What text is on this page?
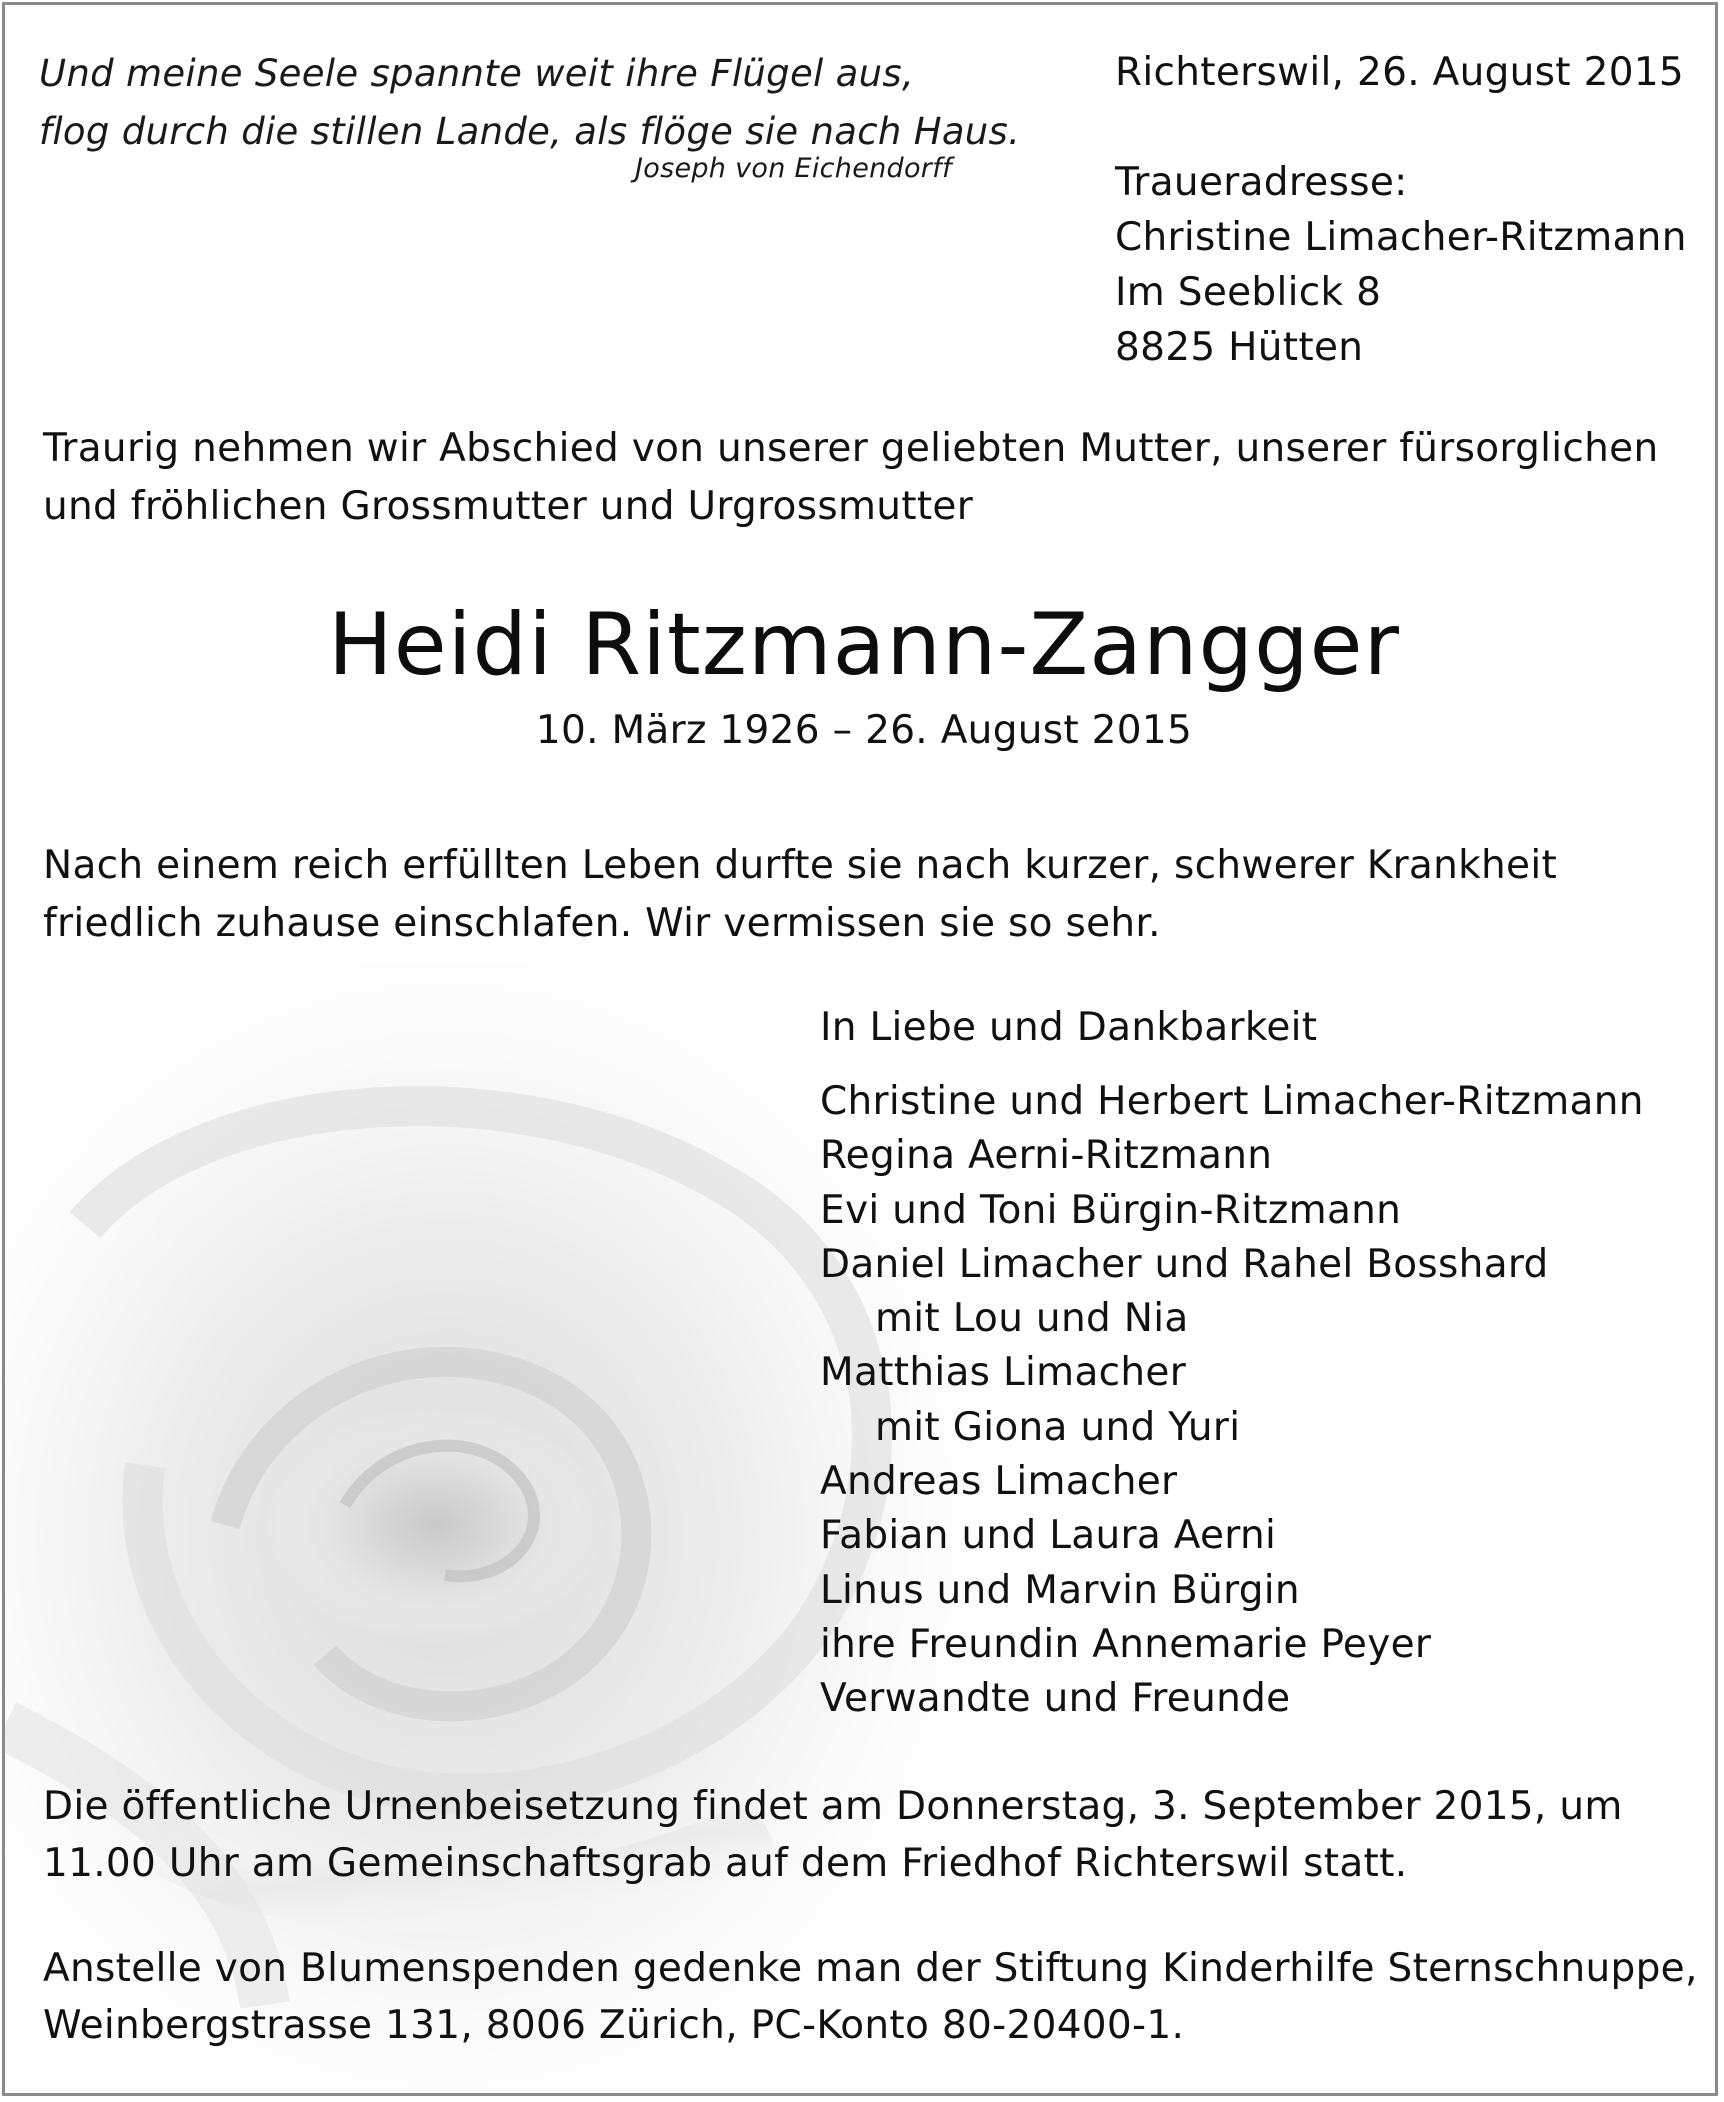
Und meine Seele spannte weit ihre Flügel aus,
flog durch die stillen Lande, als flöge sie nach Haus.
Joseph von Eichendorff
Richterswil, 26. August 2015
Traueradresse:
Christine Limacher-Ritzmann
Im Seeblick 8
8825 Hütten
Traurig nehmen wir Abschied von unserer geliebten Mutter, unserer fürsorglichen
und fröhlichen Grossmutter und Urgrossmutter
Heidi Ritzmann-Zangger
10. März 1926 – 26. August 2015
Nach einem reich erfüllten Leben durfte sie nach kurzer, schwerer Krankheit
friedlich zuhause einschlafen. Wir vermissen sie so sehr.
In Liebe und Dankbarkeit
Christine und Herbert Limacher-Ritzmann
Regina Aerni-Ritzmann
Evi und Toni Bürgin-Ritzmann
Daniel Limacher und Rahel Bosshard
mit Lou und Nia
Matthias Limacher
mit Giona und Yuri
Andreas Limacher
Fabian und Laura Aerni
Linus und Marvin Bürgin
ihre Freundin Annemarie Peyer
Verwandte und Freunde
Die öffentliche Urnenbeisetzung findet am Donnerstag, 3. September 2015, um
11.00 Uhr am Gemeinschaftsgrab auf dem Friedhof Richterswil statt.
Anstelle von Blumenspenden gedenke man der Stiftung Kinderhilfe Sternschnuppe,
Weinbergstrasse 131, 8006 Zürich, PC-Konto 80-20400-1.
